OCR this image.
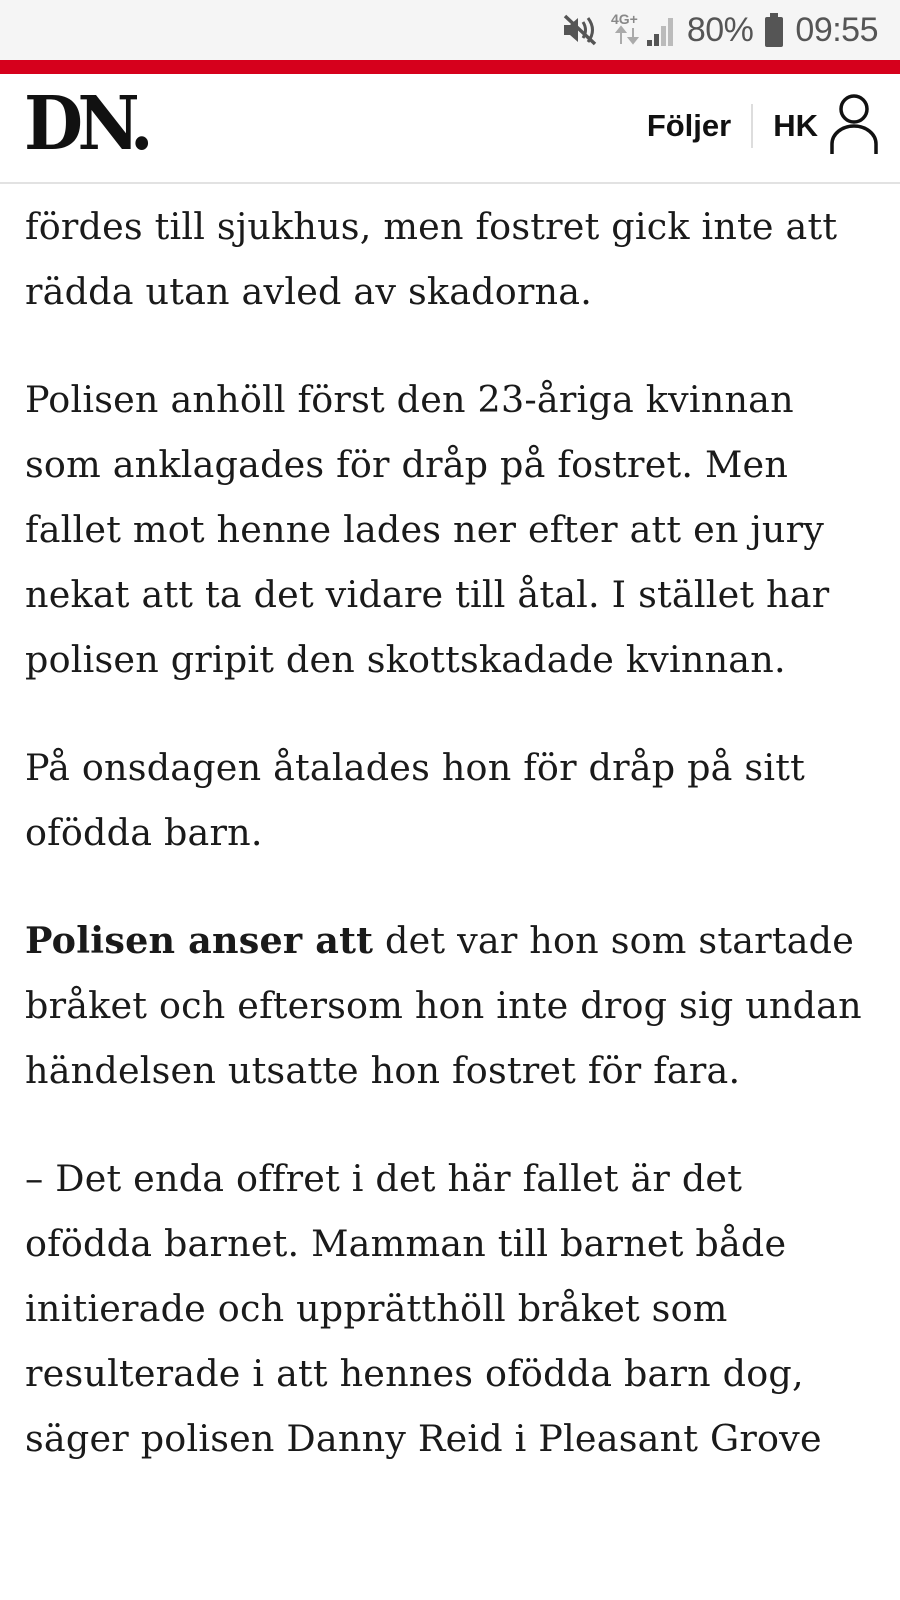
4G+ 80% 09:55
DN.	Följer HK

fördes till sjukhus, men fostret gick inte att rädda utan avled av skadorna.

Polisen anhöll först den 23-åriga kvinnan som anklagades för dråp på fostret. Men fallet mot henne lades ner efter att en jury nekat att ta det vidare till åtal. I stället har polisen gripit den skottskadade kvinnan.

På onsdagen åtalades hon för dråp på sitt ofödda barn.

Polisen anser att det var hon som startade bråket och eftersom hon inte drog sig undan händelsen utsatte hon fostret för fara.

– Det enda offret i det här fallet är det ofödda barnet. Mamman till barnet både initierade och upprätthöll bråket som resulterade i att hennes ofödda barn dog, säger polisen Danny Reid i Pleasant Grove
